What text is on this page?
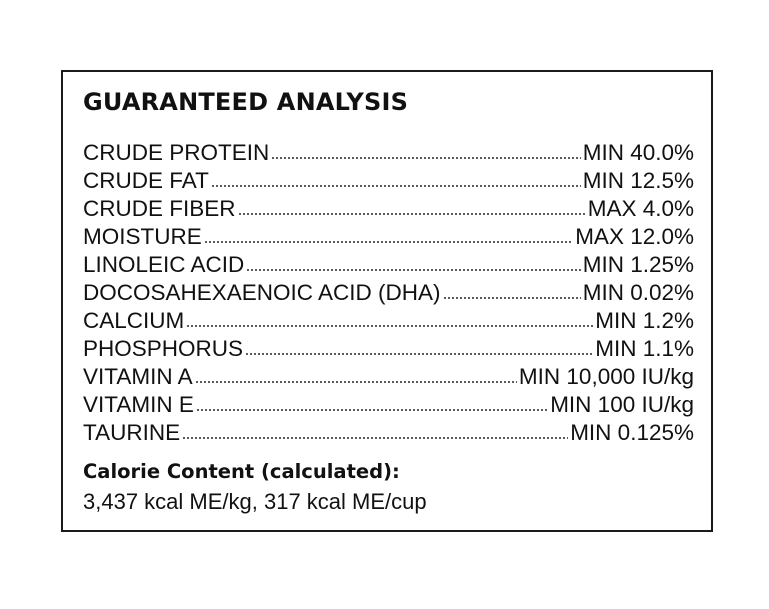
GUARANTEED ANALYSIS
CRUDE PROTEIN	MIN 40.0%
CRUDE FAT	MIN 12.5%
CRUDE FIBER	MAX 4.0%
MOISTURE	MAX 12.0%
LINOLEIC ACID	MIN 1.25%
DOCOSAHEXAENOIC ACID (DHA)	MIN 0.02%
CALCIUM	MIN 1.2%
PHOSPHORUS	MIN 1.1%
VITAMIN A	MIN 10,000 IU/kg
VITAMIN E	MIN 100 IU/kg
TAURINE	MIN 0.125%
Calorie Content (calculated):
3,437 kcal ME/kg, 317 kcal ME/cup
